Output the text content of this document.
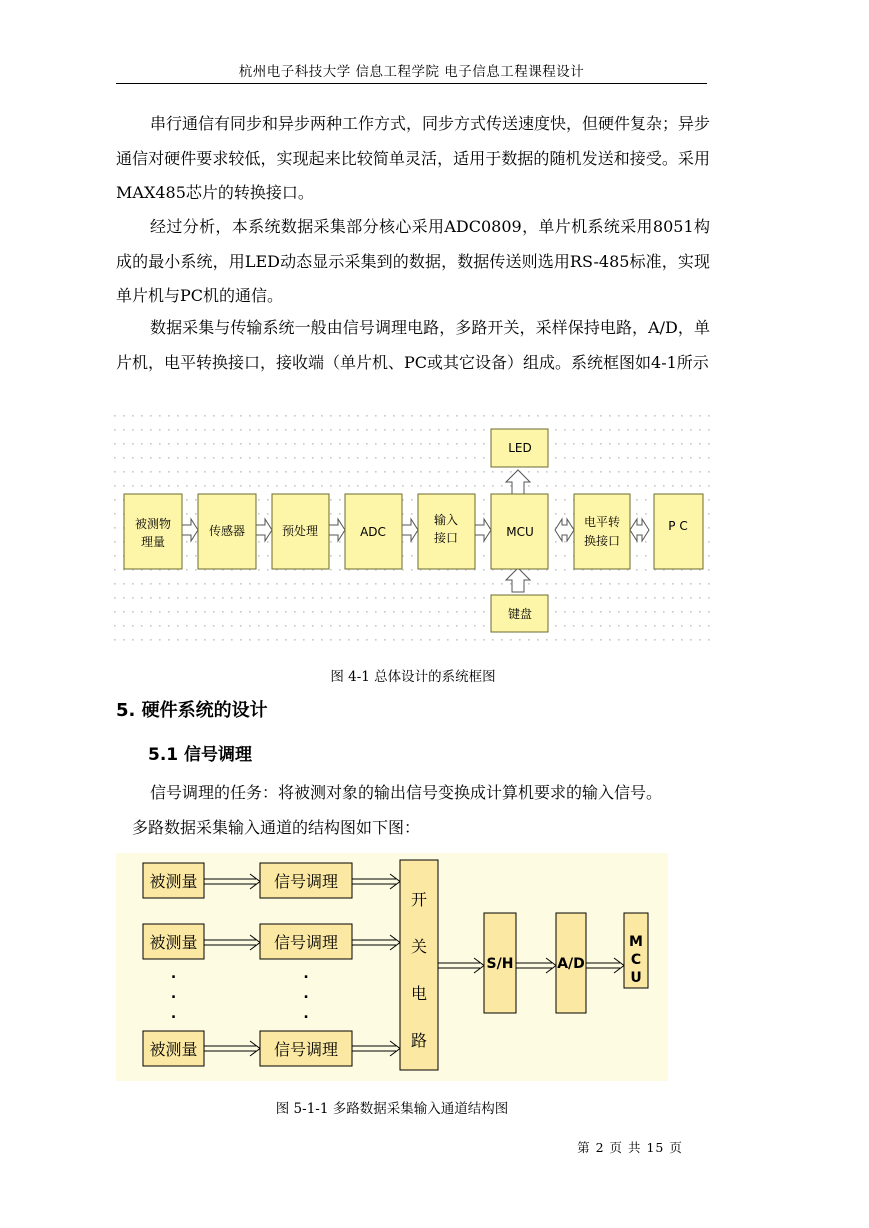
杭州电子科技大学 信息工程学院 电子信息工程课程设计

串行通信有同步和异步两种工作方式，同步方式传送速度快，但硬件复杂；异步通信对硬件要求较低，实现起来比较简单灵活，适用于数据的随机发送和接受。采用MAX485芯片的转换接口。

经过分析，本系统数据采集部分核心采用ADC0809，单片机系统采用8051构成的最小系统，用LED动态显示采集到的数据，数据传送则选用RS-485标准，实现单片机与PC机的通信。

数据采集与传输系统一般由信号调理电路，多路开关，采样保持电路，A/D，单片机，电平转换接口，接收端（单片机、PC或其它设备）组成。系统框图如4-1所示

被测物
理量
传感器	预处理	ADC
输入
接口	MCU
电平转
换接口
P C
LED
键盘
图 4-1 总体设计的系统框图
5. 硬件系统的设计
5.1 信号调理

信号调理的任务：将被测对象的输出信号变换成计算机要求的输入信号。

多路数据采集输入通道的结构图如下图：

被测量
被测量
被测量
信号调理
信号调理
信号调理
开
关
电
路
S/H	A/D
M
C
U
.
.
.
.
.
.
图 5-1-1 多路数据采集输入通道结构图
第 2 页 共 15 页
